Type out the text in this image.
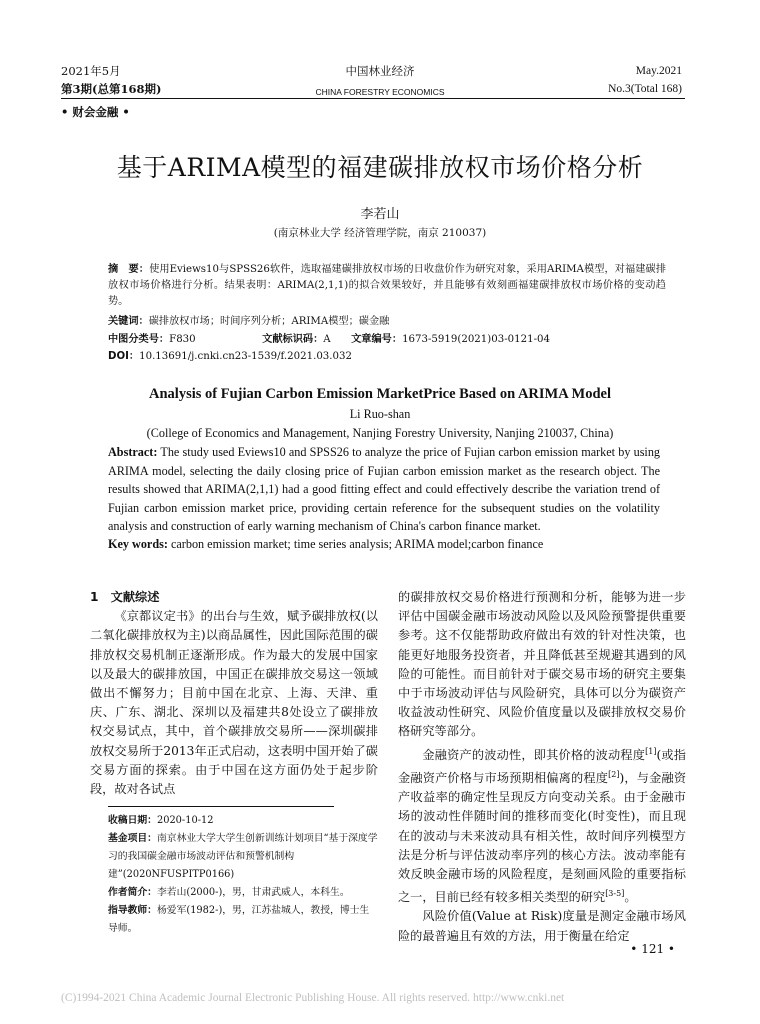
2021年5月
第3期(总第168期)
中国林业经济
CHINA FORESTRY ECONOMICS
May.2021
No.3(Total 168)
• 财会金融 •
基于ARIMA模型的福建碳排放权市场价格分析
李若山
(南京林业大学 经济管理学院，南京 210037)
摘　要：使用Eviews10与SPSS26软件，选取福建碳排放权市场的日收盘价作为研究对象，采用ARIMA模型，对福建碳排放权市场价格进行分析。结果表明：ARIMA(2,1,1)的拟合效果较好，并且能够有效刻画福建碳排放权市场价格的变动趋势。
关键词：碳排放权市场；时间序列分析；ARIMA模型；碳金融
中图分类号：F830	文献标识码：A 文章编号：1673-5919(2021)03-0121-04
DOI：10.13691/j.cnki.cn23-1539/f.2021.03.032
Analysis of Fujian Carbon Emission MarketPrice Based on ARIMA Model
Li Ruo-shan
(College of Economics and Management, Nanjing Forestry University, Nanjing 210037, China)
Abstract: The study used Eviews10 and SPSS26 to analyze the price of Fujian carbon emission market by using ARIMA model, selecting the daily closing price of Fujian carbon emission market as the research object. The results showed that ARIMA(2,1,1) had a good fitting effect and could effectively describe the variation trend of Fujian carbon emission market price, providing certain reference for the subsequent studies on the volatility analysis and construction of early warning mechanism of China's carbon finance market.
Key words: carbon emission market; time series analysis; ARIMA model;carbon finance

1　文献综述

《京都议定书》的出台与生效，赋予碳排放权(以二氧化碳排放权为主)以商品属性，因此国际范围的碳排放权交易机制正逐渐形成。作为最大的发展中国家以及最大的碳排放国，中国正在碳排放交易这一领域做出不懈努力；目前中国在北京、上海、天津、重庆、广东、湖北、深圳以及福建共8处设立了碳排放权交易试点，其中，首个碳排放交易所——深圳碳排放权交易所于2013年正式启动，这表明中国开始了碳交易方面的探索。由于中国在这方面仍处于起步阶段，故对各试点

收稿日期：2020-10-12
基金项目：南京林业大学大学生创新训练计划项目“基于深度学习的我国碳金融市场波动评估和预警机制构建”(2020NFUSPITP0166)
作者简介：李若山(2000-)，男，甘肃武威人，本科生。
指导教师：杨爱军(1982-)，男，江苏盐城人，教授，博士生导师。

的碳排放权交易价格进行预测和分析，能够为进一步评估中国碳金融市场波动风险以及风险预警提供重要参考。这不仅能帮助政府做出有效的针对性决策，也能更好地服务投资者，并且降低甚至规避其遇到的风险的可能性。而目前针对于碳交易市场的研究主要集中于市场波动评估与风险研究，具体可以分为碳资产收益波动性研究、风险价值度量以及碳排放权交易价格研究等部分。

金融资产的波动性，即其价格的波动程度[1](或指金融资产价格与市场预期相偏离的程度[2])，与金融资产收益率的确定性呈现反方向变动关系。由于金融市场的波动性伴随时间的推移而变化(时变性)，而且现在的波动与未来波动具有相关性，故时间序列模型方法是分析与评估波动率序列的核心方法。波动率能有效反映金融市场的风险程度，是刻画风险的重要指标之一，目前已经有较多相关类型的研究[3-5]。

风险价值(Value at Risk)度量是测定金融市场风险的最普遍且有效的方法，用于衡量在给定

• 121 •
(C)1994-2021 China Academic Journal Electronic Publishing House. All rights reserved. http://www.cnki.net
